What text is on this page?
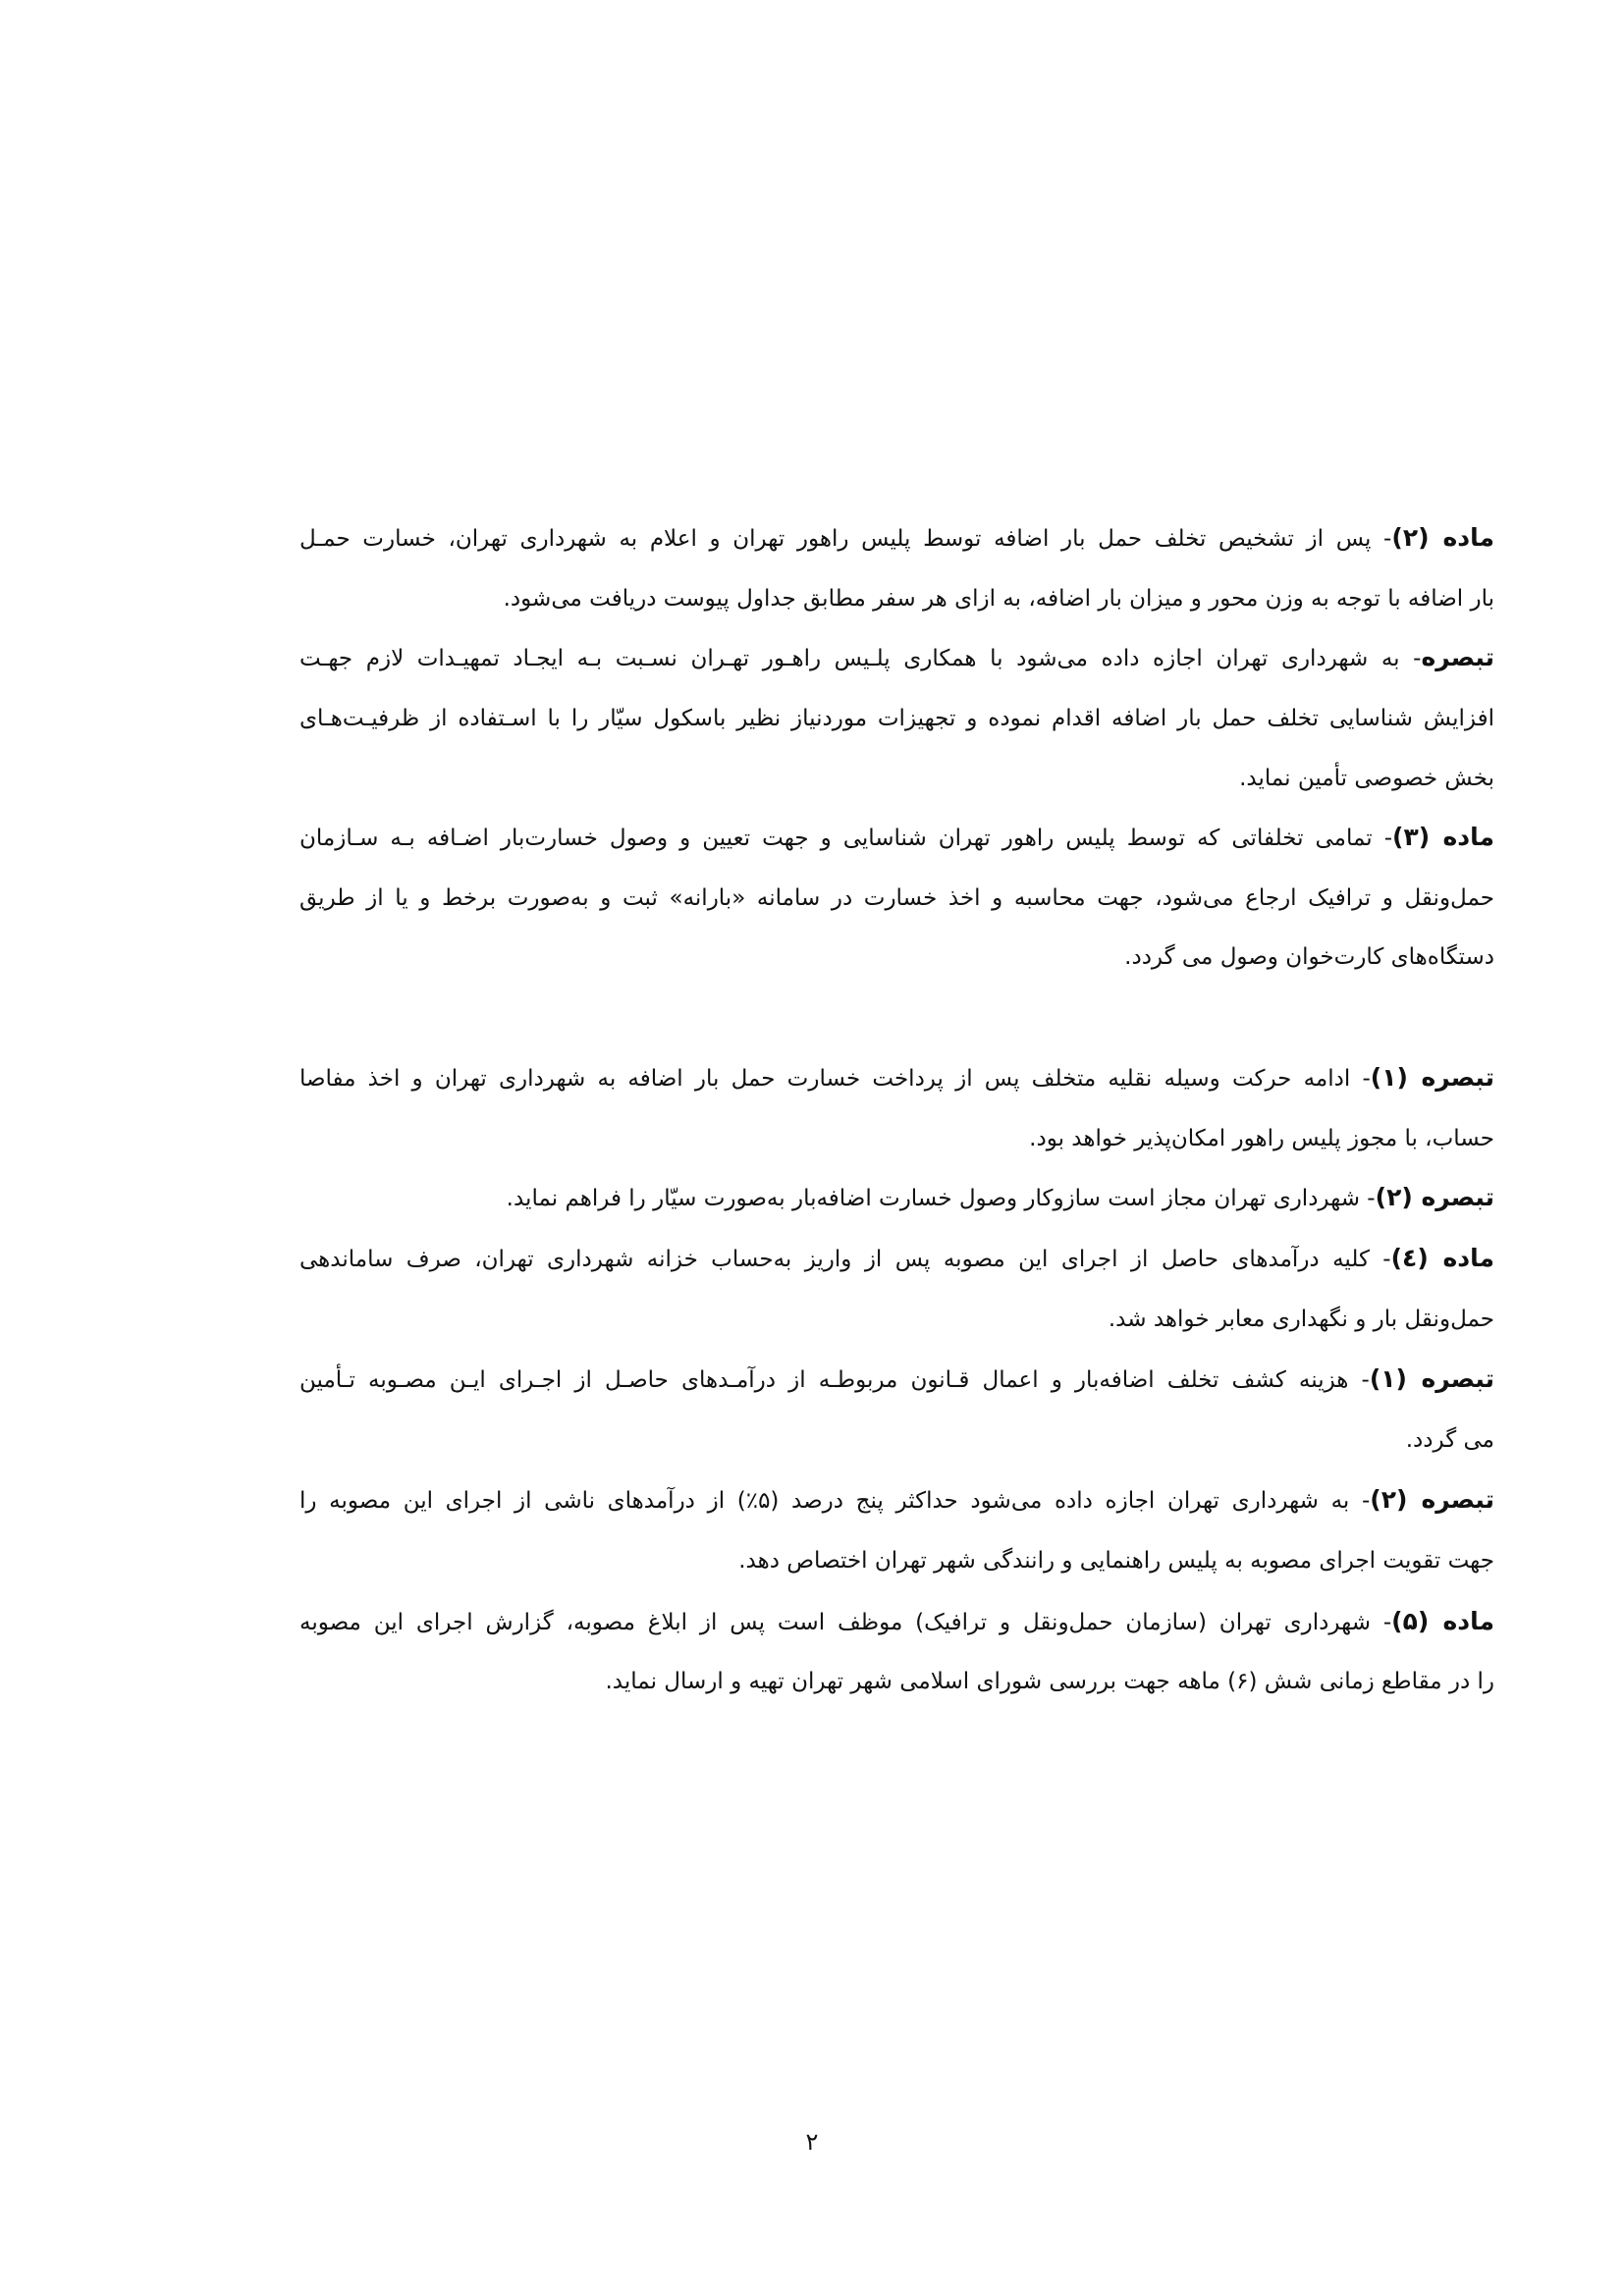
ماده (۲)- پس از تشخیص تخلف حمل بار اضافه توسط پلیس راهور تهران و اعلام به شهرداری تهران، خسارت حمـل
بار اضافه با توجه به وزن محور و میزان بار اضافه، به ازای هر سفر مطابق جداول پیوست دریافت می‌شود.
تبصره- به شهرداری تهران اجازه داده می‌شود با همکاری پلـیس راهـور تهـران نسـبت بـه ایجـاد تمهیـدات لازم جهـت
افزایش شناسایی تخلف حمل بار اضافه اقدام نموده و تجهیزات موردنیاز نظیر باسکول سیّار را با اسـتفاده از ظرفیـت‌هـای
بخش خصوصی تأمین نماید.
ماده (۳)- تمامی تخلفاتی که توسط پلیس راهور تهران شناسایی و جهت تعیین و وصول خسارت‌بار اضـافه بـه سـازمان
حمل‌ونقل و ترافیک ارجاع می‌شود، جهت محاسبه و اخذ خسارت در سامانه «بارانه» ثبت و به‌صورت برخط و یا از طریق
دستگاه‌های کارت‌خوان وصول می گردد.
تبصره (۱)- ادامه حرکت وسیله نقلیه متخلف پس از پرداخت خسارت حمل بار اضافه به شهرداری تهران و اخذ مفاصا
حساب، با مجوز پلیس راهور امکان‌پذیر خواهد بود.
تبصره (۲)- شهرداری تهران مجاز است سازوکار وصول خسارت اضافه‌بار به‌صورت سیّار را فراهم نماید.
ماده (٤)- کلیه درآمدهای حاصل از اجرای این مصوبه پس از واریز به‌حساب خزانه شهرداری تهران، صرف ساماندهی
حمل‌ونقل بار و نگهداری معابر خواهد شد.
تبصره (۱)- هزینه کشف تخلف اضافه‌بار و اعمال قـانون مربوطـه از درآمـدهای حاصـل از اجـرای ایـن مصـوبه تـأمین
می گردد.
تبصره (۲)- به شهرداری تهران اجازه داده می‌شود حداکثر پنج درصد (۵٪) از درآمدهای ناشی از اجرای این مصوبه را
جهت تقویت اجرای مصوبه به پلیس راهنمایی و رانندگی شهر تهران اختصاص دهد.
ماده (۵)- شهرداری تهران (سازمان حمل‌ونقل و ترافیک) موظف است پس از ابلاغ مصوبه، گزارش اجرای این مصوبه
را در مقاطع زمانی شش (۶) ماهه جهت بررسی شورای اسلامی شهر تهران تهیه و ارسال نماید.
۲
